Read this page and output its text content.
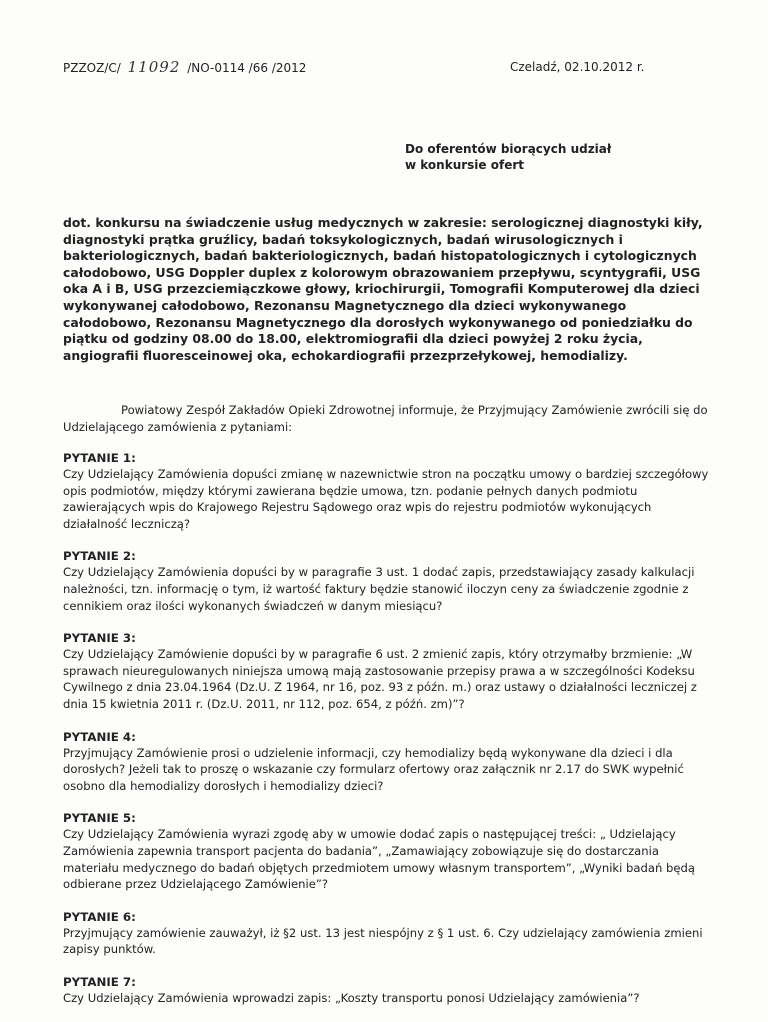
PZZOZ/C/ 11092 /NO-0114 /66 /2012	Czeladź, 02.10.2012 r.
Do oferentów biorących udział
w konkursie ofert
dot. konkursu na świadczenie usług medycznych w zakresie: serologicznej diagnostyki kiły, diagnostyki prątka gruźlicy, badań toksykologicznych, badań wirusologicznych i bakteriologicznych, badań bakteriologicznych, badań histopatologicznych i cytologicznych całodobowo, USG Doppler duplex z kolorowym obrazowaniem przepływu, scyntygrafii, USG oka A i B, USG przezciemiączkowe głowy, kriochirurgii, Tomografii Komputerowej dla dzieci wykonywanej całodobowo, Rezonansu Magnetycznego dla dzieci wykonywanego całodobowo, Rezonansu Magnetycznego dla dorosłych wykonywanego od poniedziałku do piątku od godziny 08.00 do 18.00, elektromiografii dla dzieci powyżej 2 roku życia, angiografii fluoresceinowej oka, echokardiografii przezprzełykowej, hemodializy.
Powiatowy Zespół Zakładów Opieki Zdrowotnej informuje, że Przyjmujący Zamówienie zwrócili się do Udzielającego zamówienia z pytaniami:
PYTANIE 1:
Czy Udzielający Zamówienia dopuści zmianę w nazewnictwie stron na początku umowy o bardziej szczegółowy opis podmiotów, między którymi zawierana będzie umowa, tzn. podanie pełnych danych podmiotu zawierających wpis do Krajowego Rejestru Sądowego oraz wpis do rejestru podmiotów wykonujących działalność leczniczą?
PYTANIE 2:
Czy Udzielający Zamówienia dopuści by w paragrafie 3 ust. 1 dodać zapis, przedstawiający zasady kalkulacji należności, tzn. informację o tym, iż wartość faktury będzie stanowić iloczyn ceny za świadczenie zgodnie z cennikiem oraz ilości wykonanych świadczeń w danym miesiącu?
PYTANIE 3:
Czy Udzielający Zamówienie dopuści by w paragrafie 6 ust. 2 zmienić zapis, który otrzymałby brzmienie: „W sprawach nieuregulowanych niniejsza umową mają zastosowanie przepisy prawa a w szczególności Kodeksu Cywilnego z dnia 23.04.1964 (Dz.U. Z 1964, nr 16, poz. 93 z późn. m.) oraz ustawy o działalności leczniczej z dnia 15 kwietnia 2011 r. (Dz.U. 2011, nr 112, poz. 654, z późń. zm)”?
PYTANIE 4:
Przyjmujący Zamówienie prosi o udzielenie informacji, czy hemodializy będą wykonywane dla dzieci i dla dorosłych? Jeżeli tak to proszę o wskazanie czy formularz ofertowy oraz załącznik nr 2.17 do SWK wypełnić osobno dla hemodializy dorosłych i hemodializy dzieci?
PYTANIE 5:
Czy Udzielający Zamówienia wyrazi zgodę aby w umowie dodać zapis o następującej treści: „ Udzielający Zamówienia zapewnia transport pacjenta do badania”, „Zamawiający zobowiązuje się do dostarczania materiału medycznego do badań objętych przedmiotem umowy własnym transportem”, „Wyniki badań będą odbierane przez Udzielającego Zamówienie”?
PYTANIE 6:
Przyjmujący zamówienie zauważył, iż §2 ust. 13 jest niespójny z § 1 ust. 6. Czy udzielający zamówienia zmieni zapisy punktów.
PYTANIE 7:
Czy Udzielający Zamówienia wprowadzi zapis: „Koszty transportu ponosi Udzielający zamówienia”?
